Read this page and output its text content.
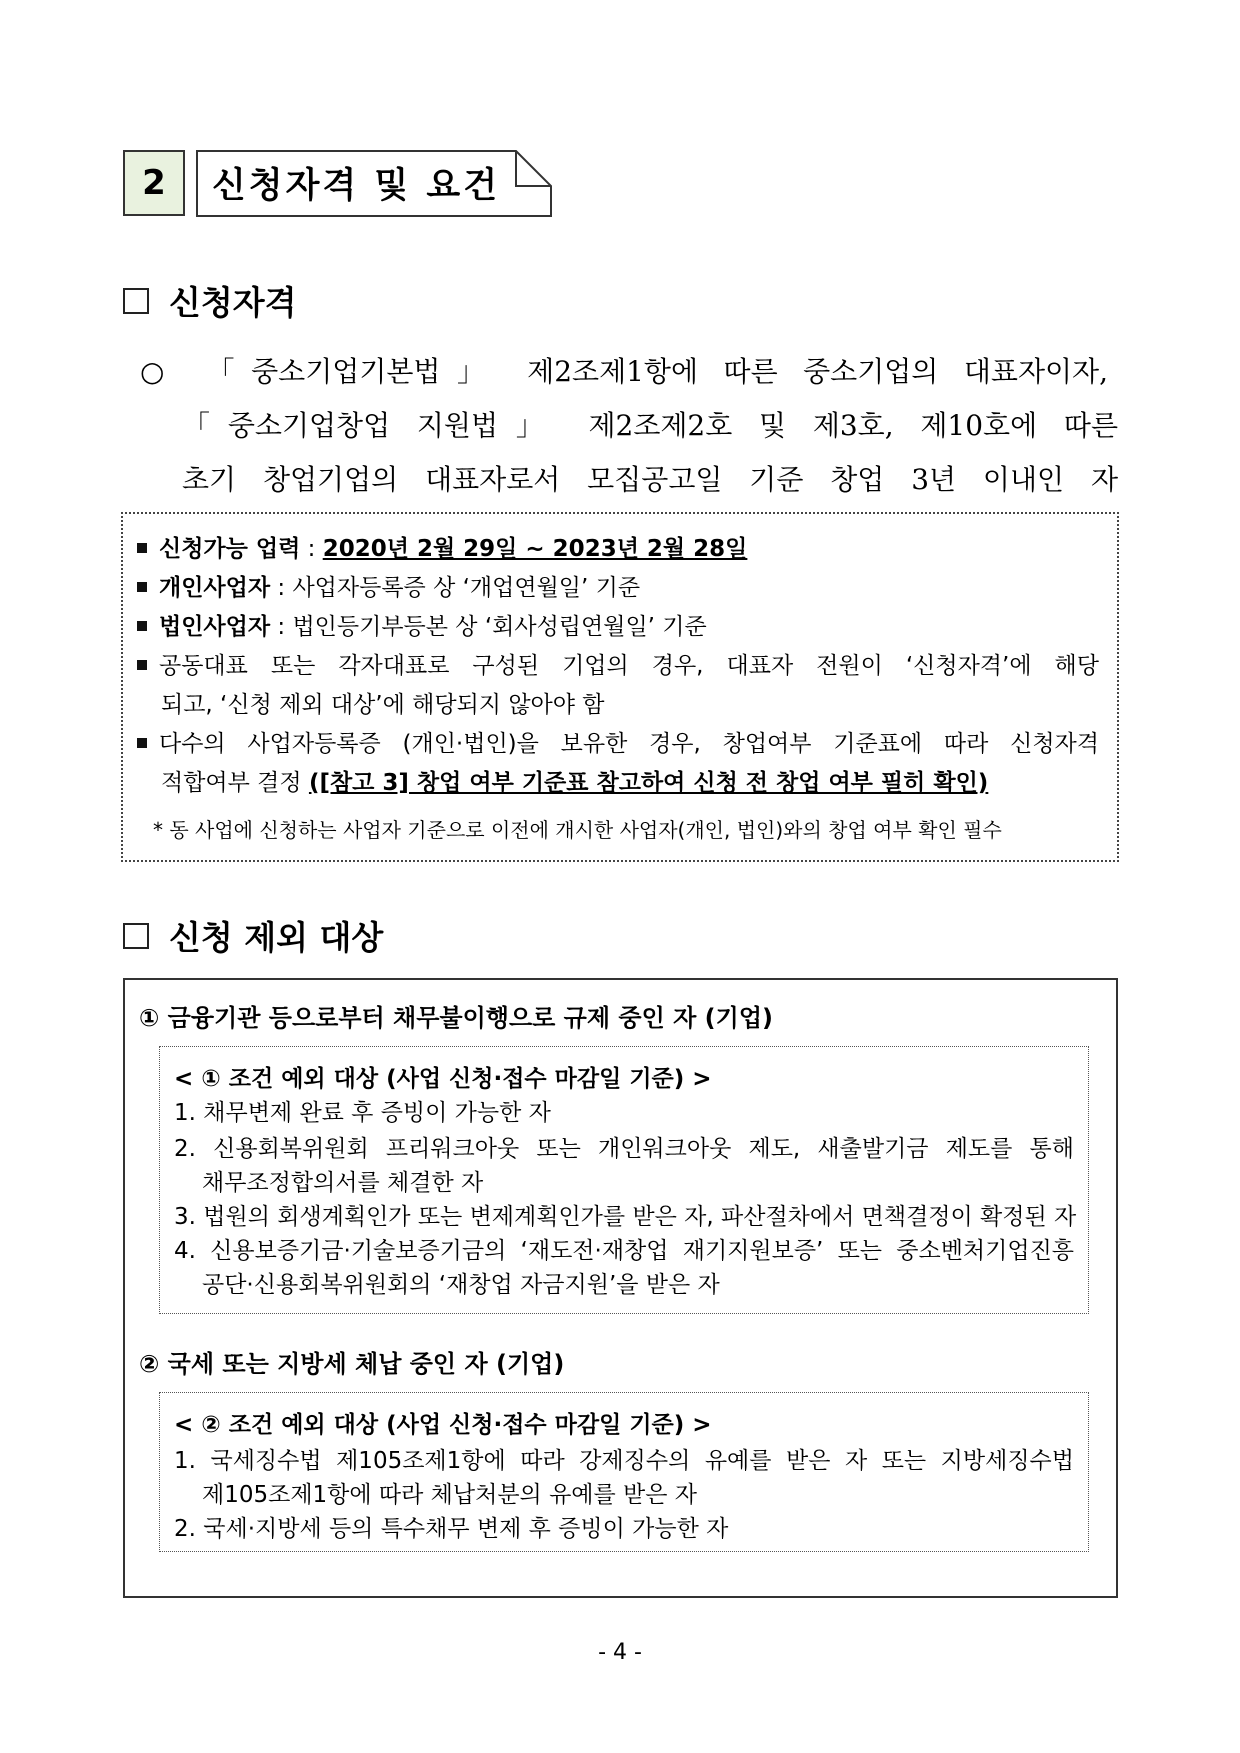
2	신청자격 및 요건
신청자격
○ 「중소기업기본법」 제2조제1항에 따른 중소기업의 대표자이자,
「중소기업창업 지원법」 제2조제2호 및 제3호, 제10호에 따른
초기 창업기업의 대표자로서 모집공고일 기준 창업 3년 이내인 자
신청가능 업력 : 2020년 2월 29일 ~ 2023년 2월 28일
개인사업자 : 사업자등록증 상 ‘개업연월일’ 기준
법인사업자 : 법인등기부등본 상 ‘회사성립연월일’ 기준
공동대표 또는 각자대표로 구성된 기업의 경우, 대표자 전원이 ‘신청자격’에 해당
되고, ‘신청 제외 대상’에 해당되지 않아야 함
다수의 사업자등록증 (개인·법인)을 보유한 경우, 창업여부 기준표에 따라 신청자격
적합여부 결정 ([참고 3] 창업 여부 기준표 참고하여 신청 전 창업 여부 필히 확인)
* 동 사업에 신청하는 사업자 기준으로 이전에 개시한 사업자(개인, 법인)와의 창업 여부 확인 필수
신청 제외 대상
① 금융기관 등으로부터 채무불이행으로 규제 중인 자 (기업)
< ① 조건 예외 대상 (사업 신청·접수 마감일 기준) >
1. 채무변제 완료 후 증빙이 가능한 자
2. 신용회복위원회 프리워크아웃 또는 개인워크아웃 제도, 새출발기금 제도를 통해
채무조정합의서를 체결한 자
3. 법원의 회생계획인가 또는 변제계획인가를 받은 자, 파산절차에서 면책결정이 확정된 자
4. 신용보증기금·기술보증기금의 ‘재도전·재창업 재기지원보증’ 또는 중소벤처기업진흥
공단·신용회복위원회의 ‘재창업 자금지원’을 받은 자
② 국세 또는 지방세 체납 중인 자 (기업)
< ② 조건 예외 대상 (사업 신청·접수 마감일 기준) >
1. 국세징수법 제105조제1항에 따라 강제징수의 유예를 받은 자 또는 지방세징수법
제105조제1항에 따라 체납처분의 유예를 받은 자
2. 국세·지방세 등의 특수채무 변제 후 증빙이 가능한 자
- 4 -
